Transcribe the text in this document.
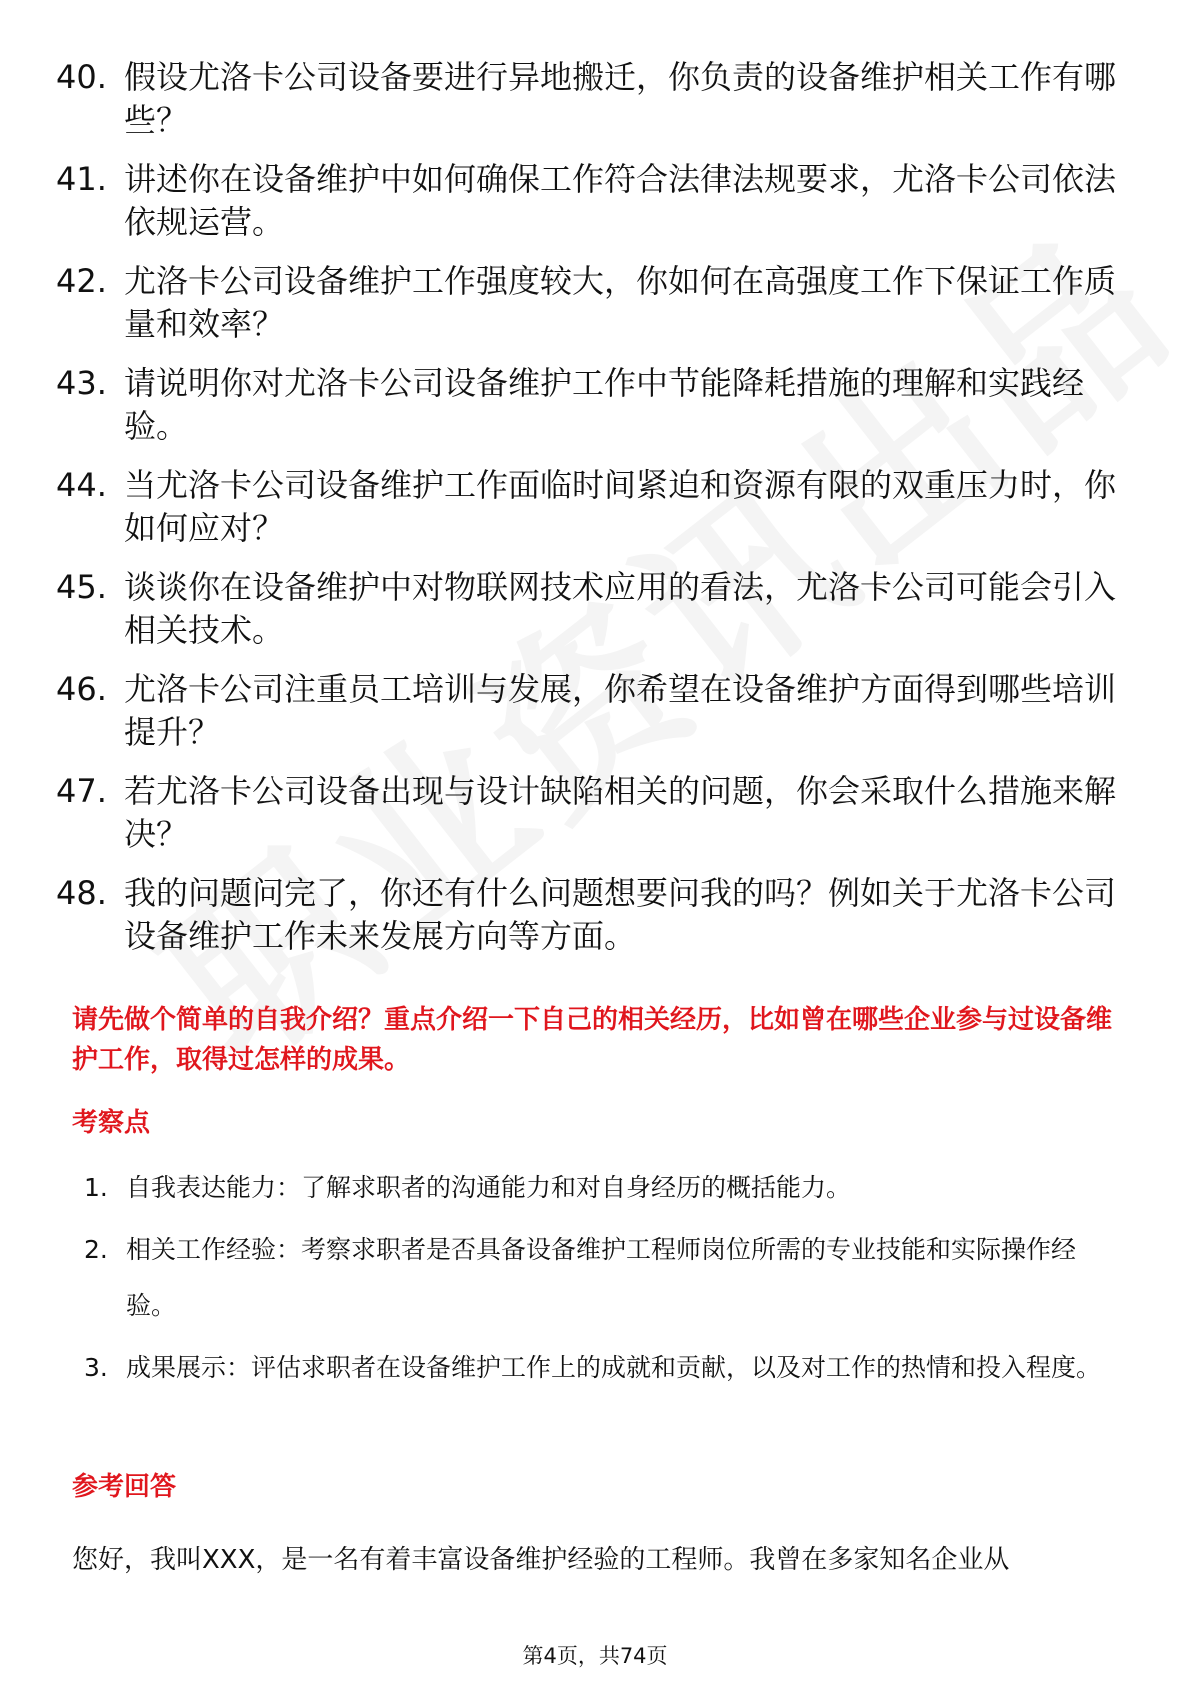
40. 假设尤洛卡公司设备要进行异地搬迁，你负责的设备维护相关工作有哪些？
41. 讲述你在设备维护中如何确保工作符合法律法规要求，尤洛卡公司依法依规运营。
42. 尤洛卡公司设备维护工作强度较大，你如何在高强度工作下保证工作质量和效率？
43. 请说明你对尤洛卡公司设备维护工作中节能降耗措施的理解和实践经验。
44. 当尤洛卡公司设备维护工作面临时间紧迫和资源有限的双重压力时，你如何应对？
45. 谈谈你在设备维护中对物联网技术应用的看法，尤洛卡公司可能会引入相关技术。
46. 尤洛卡公司注重员工培训与发展，你希望在设备维护方面得到哪些培训提升？
47. 若尤洛卡公司设备出现与设计缺陷相关的问题，你会采取什么措施来解决？
48. 我的问题问完了，你还有什么问题想要问我的吗？例如关于尤洛卡公司设备维护工作未来发展方向等方面。

请先做个简单的自我介绍？重点介绍一下自己的相关经历，比如曾在哪些企业参与过设备维护工作，取得过怎样的成果。

考察点
1. 自我表达能力：了解求职者的沟通能力和对自身经历的概括能力。
2. 相关工作经验：考察求职者是否具备设备维护工程师岗位所需的专业技能和实际操作经验。
3. 成果展示：评估求职者在设备维护工作上的成就和贡献，以及对工作的热情和投入程度。
参考回答

您好，我叫XXX，是一名有着丰富设备维护经验的工程师。我曾在多家知名企业从

第4页，共74页
